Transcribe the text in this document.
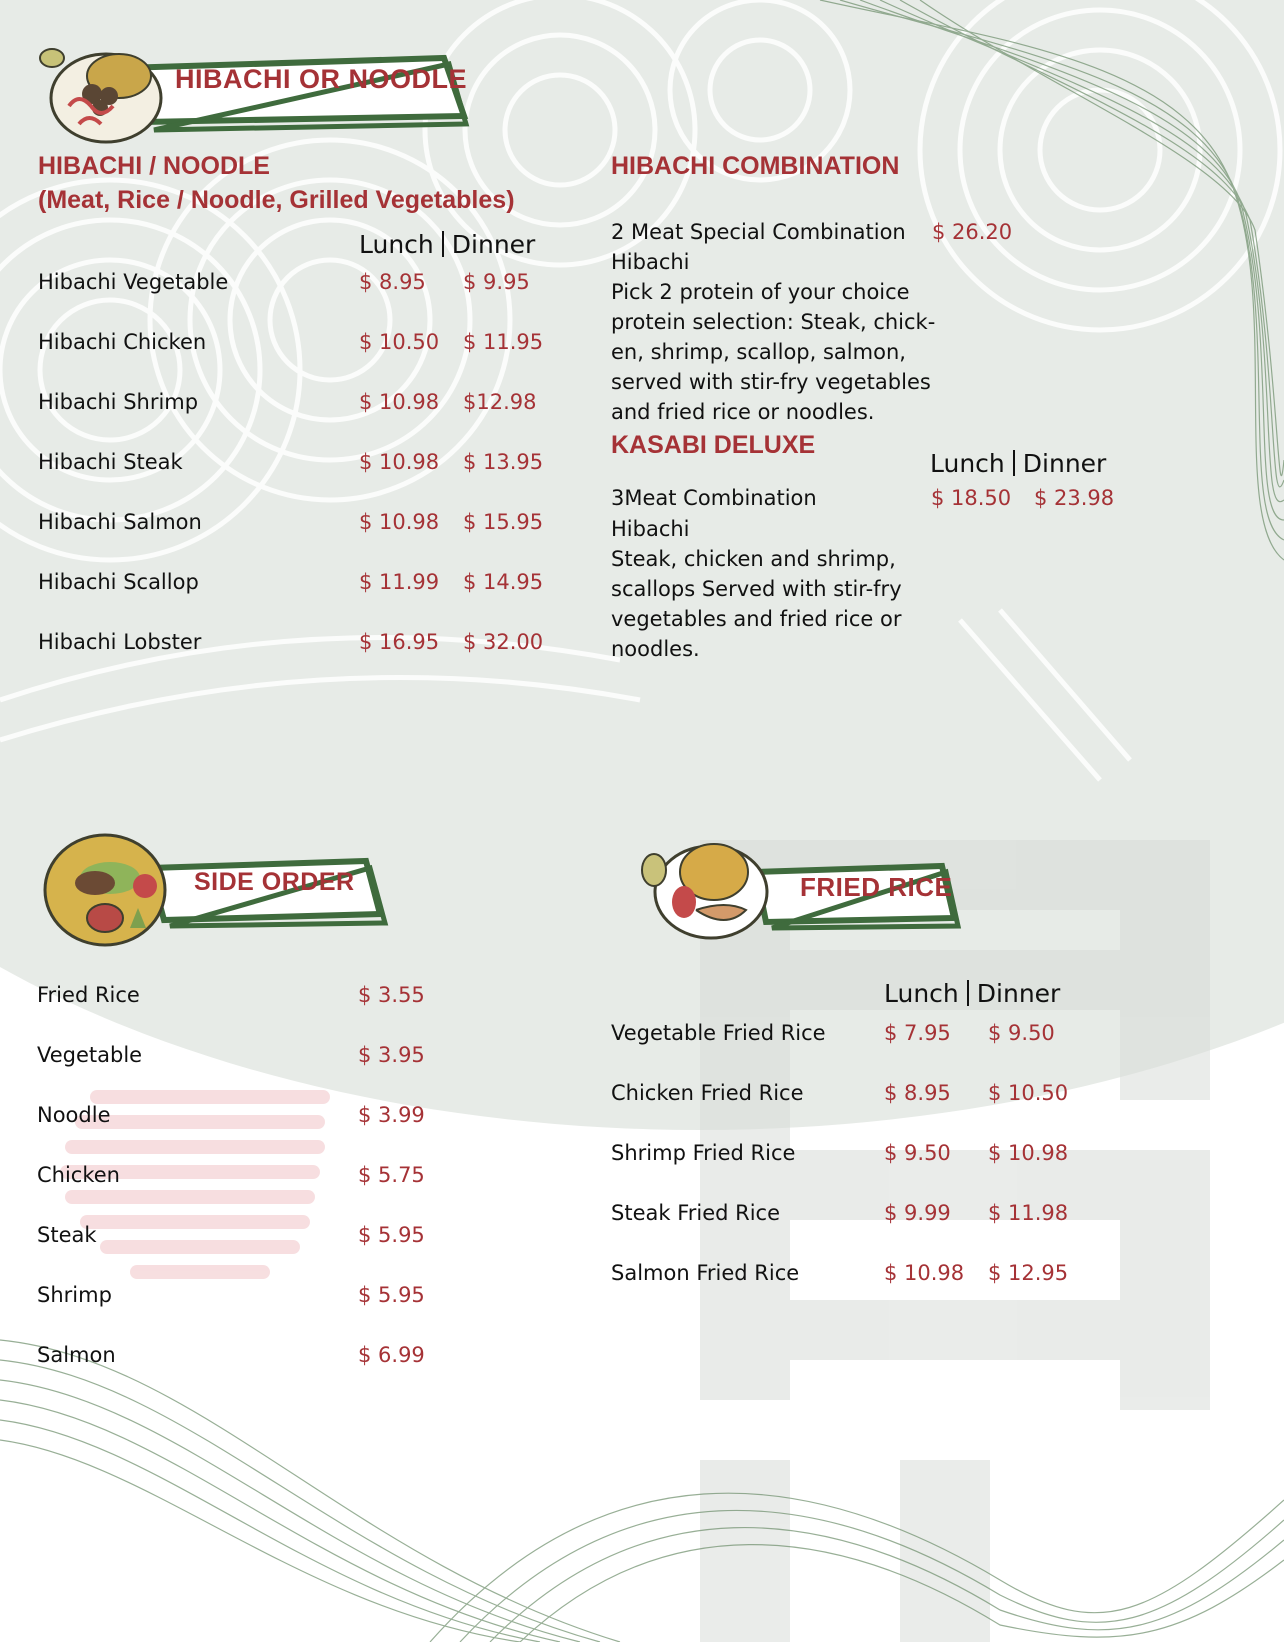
HIBACHI OR NOODLE
HIBACHI / NOODLE
(Meat, Rice / Noodle, Grilled Vegetables)
Lunch Dinner
Hibachi Vegetable	$ 8.95 $ 9.95
Hibachi Chicken	$ 10.50 $ 11.95
Hibachi Shrimp	$ 10.98 $12.98
Hibachi Steak	$ 10.98 $ 13.95
Hibachi Salmon	$ 10.98 $ 15.95
Hibachi Scallop	$ 11.99 $ 14.95
Hibachi Lobster	$ 16.95 $ 32.00
HIBACHI COMBINATION
2 Meat Special Combination $ 26.20
Hibachi
Pick 2 protein of your choice protein selection: Steak, chick-en, shrimp, scallop, salmon, served with stir-fry vegetables and fried rice or noodles.
KASABI DELUXE
Lunch Dinner
3Meat Combination	$ 18.50 $ 23.98
Hibachi
Steak, chicken and shrimp, scallops Served with stir-fry vegetables and fried rice or noodles.
SIDE ORDER
Fried Rice	$ 3.55
Vegetable	$ 3.95
Noodle	$ 3.99
Chicken	$ 5.75
Steak	$ 5.95
Shrimp	$ 5.95
Salmon	$ 6.99
FRIED RICE
Lunch Dinner
Vegetable Fried Rice	$ 7.95 $ 9.50
Chicken Fried Rice	$ 8.95 $ 10.50
Shrimp Fried Rice	$ 9.50 $ 10.98
Steak Fried Rice	$ 9.99 $ 11.98
Salmon Fried Rice	$ 10.98 $ 12.95
